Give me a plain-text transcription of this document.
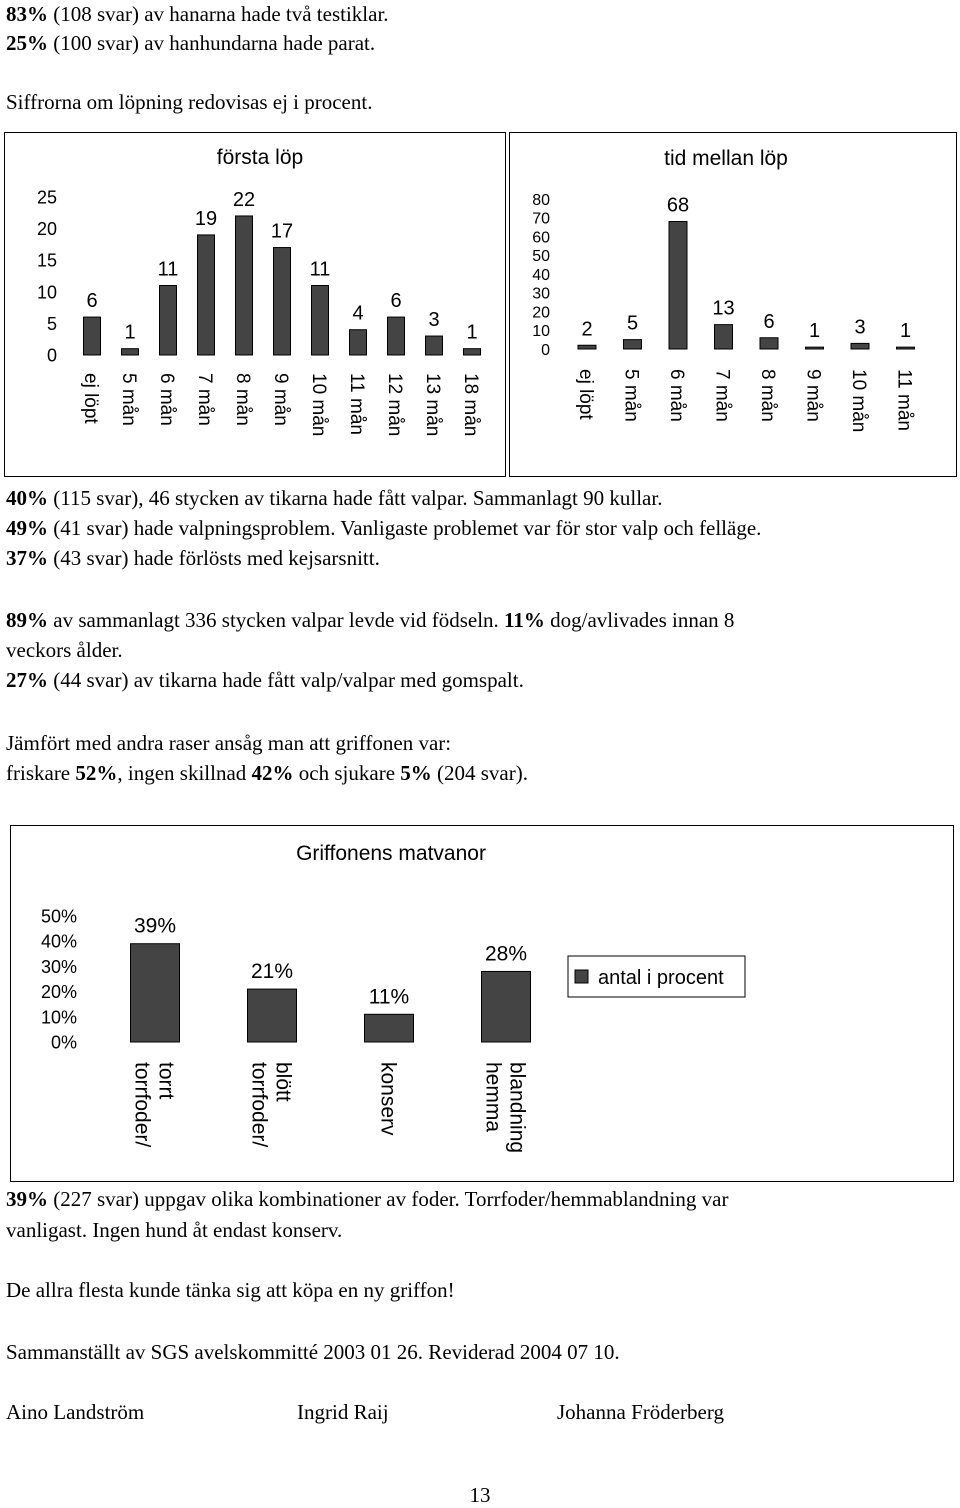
83% (108 svar) av hanarna hade två testiklar.
25% (100 svar) av hanhundarna hade parat.
Siffrorna om löpning redovisas ej i procent.
första löp
25
20
15
10
5
0
6
ej löpt
1
5 mån
11
6 mån
19
7 mån
22
8 mån
17
9 mån
11
10 mån
4
11 mån
6
12 mån
3
13 mån
1
18 mån
tid mellan löp
80
70
60
50
40
30
20
10
0
2
ej löpt
5
5 mån
68
6 mån
13
7 mån
6
8 mån
1
9 mån
3
10 mån
1
11 mån
40% (115 svar), 46 stycken av tikarna hade fått valpar. Sammanlagt 90 kullar.
49% (41 svar) hade valpningsproblem. Vanligaste problemet var för stor valp och felläge.
37% (43 svar) hade förlösts med kejsarsnitt.
89% av sammanlagt 336 stycken valpar levde vid födseln. 11% dog/avlivades innan 8
veckors ålder.
27% (44 svar) av tikarna hade fått valp/valpar med gomspalt.
Jämfört med andra raser ansåg man att griffonen var:
friskare 52%, ingen skillnad 42% och sjukare 5% (204 svar).
Griffonens matvanor
50%
40%
30%
20%
10%
0%
39%
torrfoder/ torrt
21%
torrfoder/ blött
11%
konserv
28%
hemma blandning
antal i procent
39% (227 svar) uppgav olika kombinationer av foder. Torrfoder/hemmablandning var
vanligast. Ingen hund åt endast konserv.
De allra flesta kunde tänka sig att köpa en ny griffon!
Sammanställt av SGS avelskommitté 2003 01 26. Reviderad 2004 07 10.
Aino Landström	Ingrid Raij	Johanna Fröderberg
13
